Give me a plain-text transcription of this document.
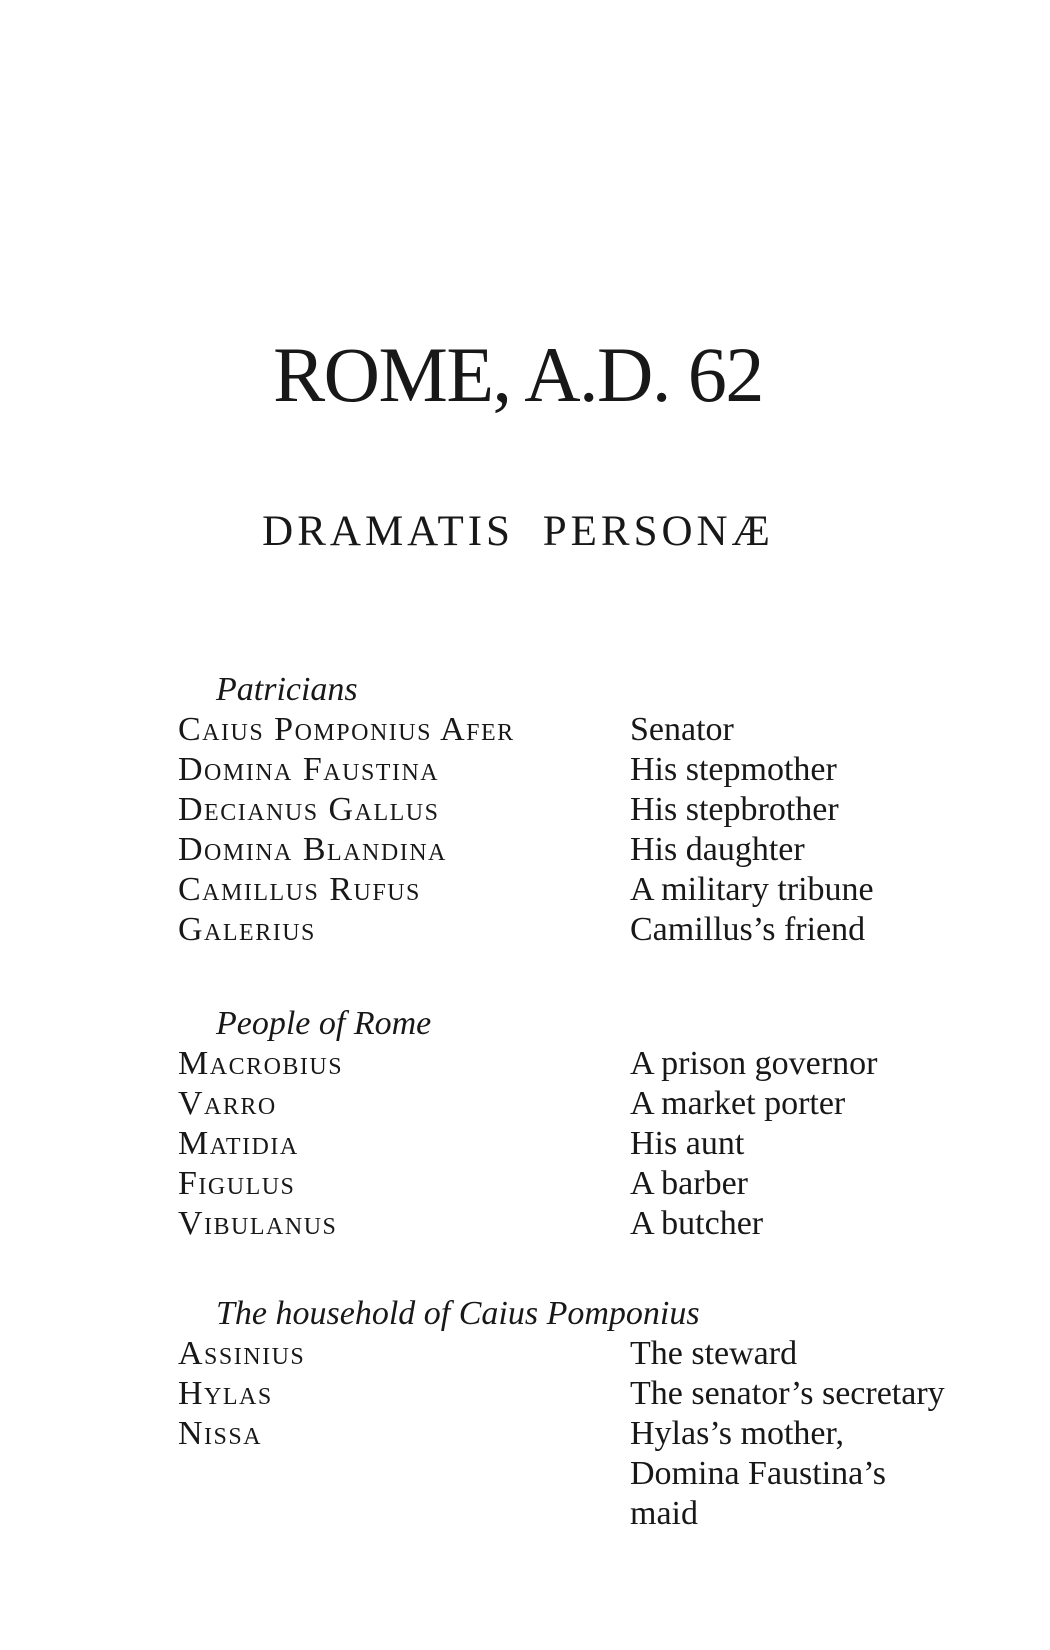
ROME, A.D. 62
DRAMATIS PERSONÆ
Patricians
Caius Pomponius Afer	Senator
Domina Faustina	His stepmother
Decianus Gallus	His stepbrother
Domina Blandina	His daughter
Camillus Rufus	A military tribune
Galerius	Camillus’s friend
People of Rome
Macrobius	A prison governor
Varro	A market porter
Matidia	His aunt
Figulus	A barber
Vibulanus	A butcher
The household of Caius Pomponius
Assinius	The steward
Hylas	The senator’s secretary
Nissa	Hylas’s mother, Domina Faustina’s maid
